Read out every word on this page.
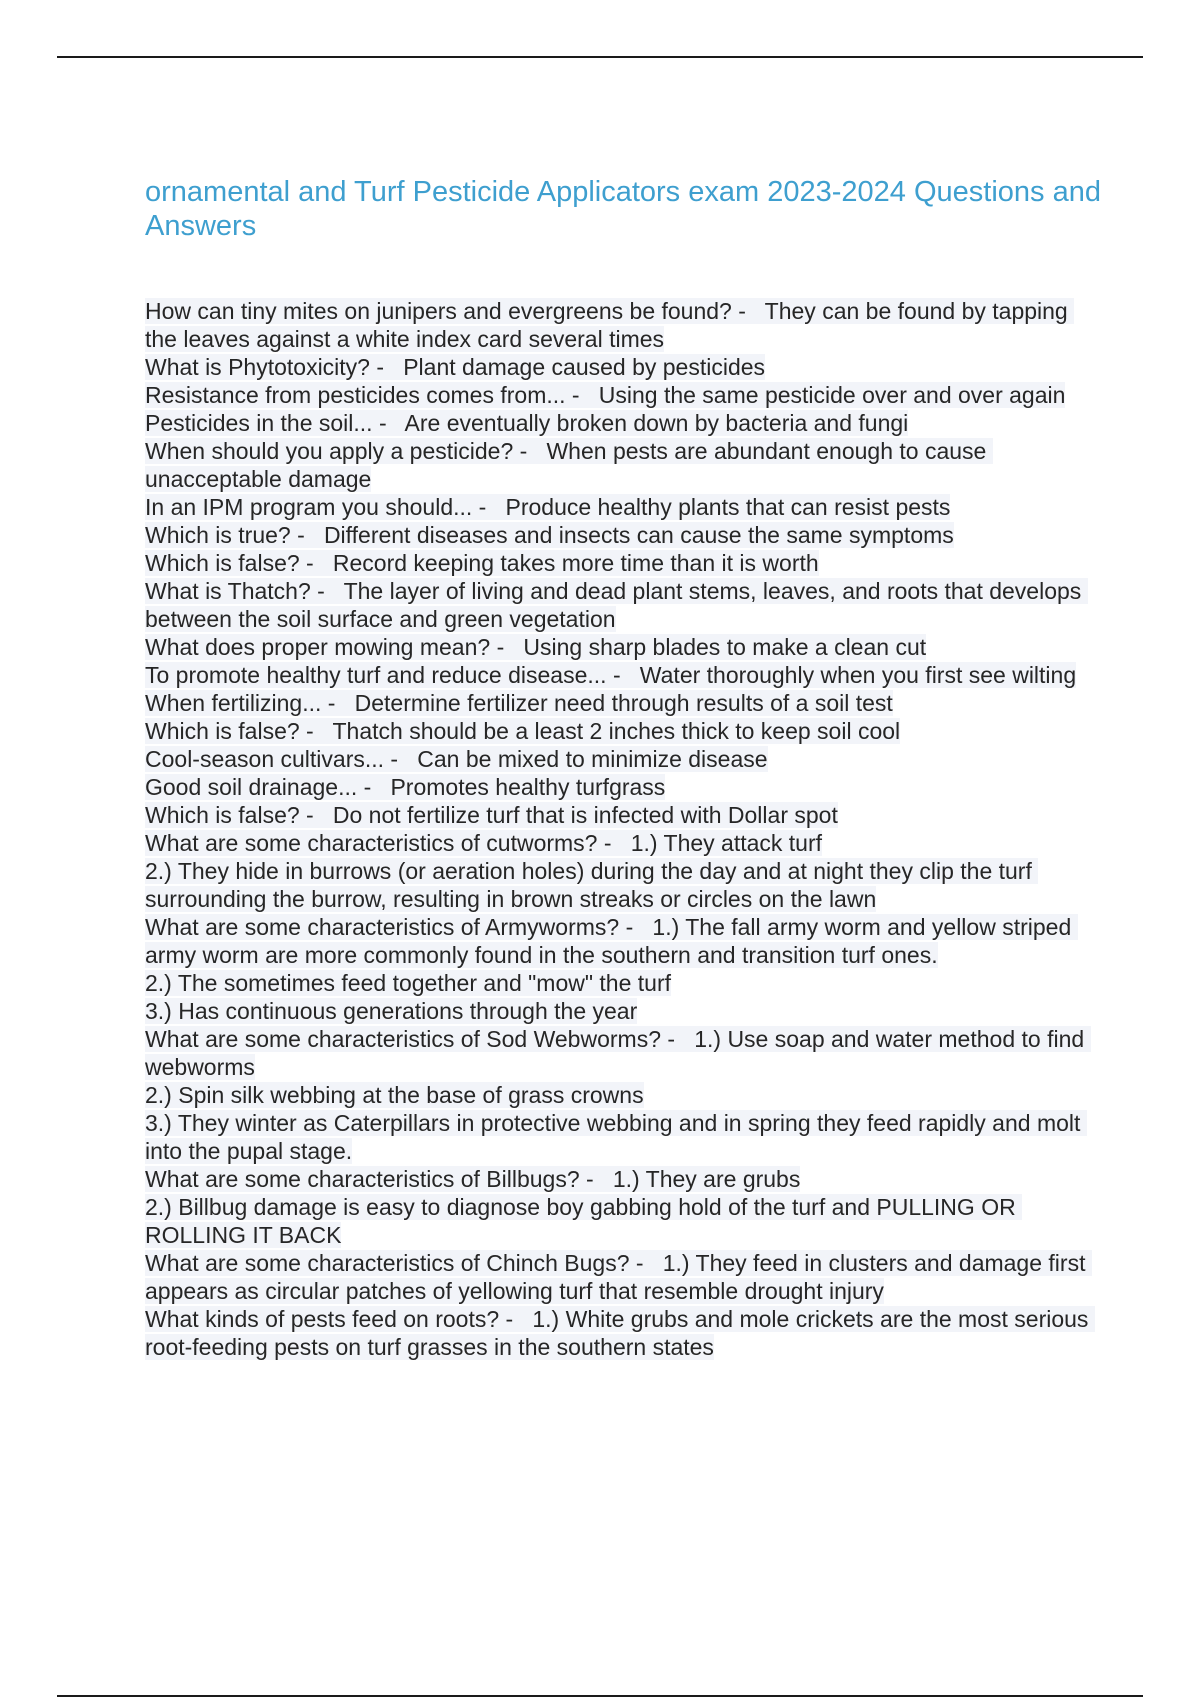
ornamental and Turf Pesticide Applicators exam 2023-2024 Questions and Answers

How can tiny mites on junipers and evergreens be found? - They can be found by tapping the leaves against a white index card several times

What is Phytotoxicity? - Plant damage caused by pesticides

Resistance from pesticides comes from... - Using the same pesticide over and over again

Pesticides in the soil... - Are eventually broken down by bacteria and fungi

When should you apply a pesticide? - When pests are abundant enough to cause unacceptable damage

In an IPM program you should... - Produce healthy plants that can resist pests

Which is true? - Different diseases and insects can cause the same symptoms

Which is false? - Record keeping takes more time than it is worth

What is Thatch? - The layer of living and dead plant stems, leaves, and roots that develops between the soil surface and green vegetation

What does proper mowing mean? - Using sharp blades to make a clean cut

To promote healthy turf and reduce disease... - Water thoroughly when you first see wilting

When fertilizing... - Determine fertilizer need through results of a soil test

Which is false? - Thatch should be a least 2 inches thick to keep soil cool

Cool-season cultivars... - Can be mixed to minimize disease

Good soil drainage... - Promotes healthy turfgrass

Which is false? - Do not fertilize turf that is infected with Dollar spot

What are some characteristics of cutworms? - 1.) They attack turf
2.) They hide in burrows (or aeration holes) during the day and at night they clip the turf surrounding the burrow, resulting in brown streaks or circles on the lawn

What are some characteristics of Armyworms? - 1.) The fall army worm and yellow striped army worm are more commonly found in the southern and transition turf ones.
2.) The sometimes feed together and "mow" the turf
3.) Has continuous generations through the year

What are some characteristics of Sod Webworms? - 1.) Use soap and water method to find webworms
2.) Spin silk webbing at the base of grass crowns
3.) They winter as Caterpillars in protective webbing and in spring they feed rapidly and molt into the pupal stage.

What are some characteristics of Billbugs? - 1.) They are grubs
2.) Billbug damage is easy to diagnose boy gabbing hold of the turf and PULLING OR ROLLING IT BACK

What are some characteristics of Chinch Bugs? - 1.) They feed in clusters and damage first appears as circular patches of yellowing turf that resemble drought injury

What kinds of pests feed on roots? - 1.) White grubs and mole crickets are the most serious root-feeding pests on turf grasses in the southern states
